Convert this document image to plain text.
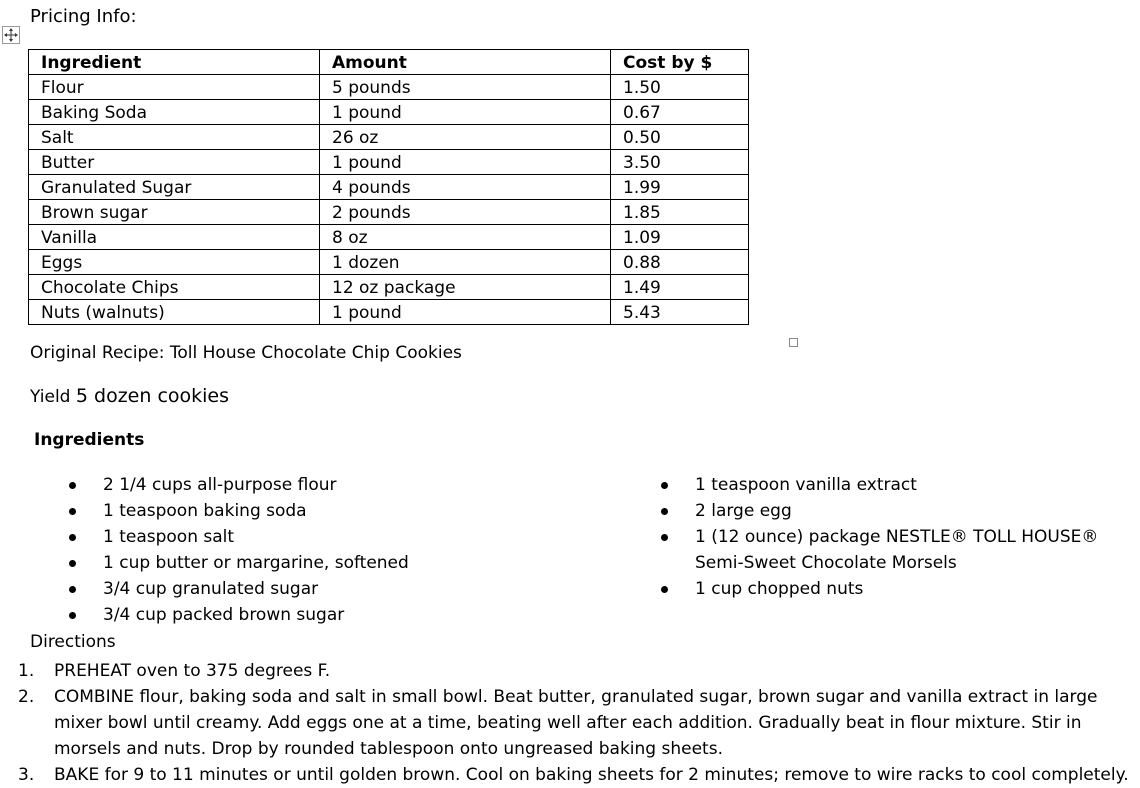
Pricing Info:
Ingredient	Amount	Cost by $
Flour	5 pounds	1.50
Baking Soda	1 pound	0.67
Salt	26 oz	0.50
Butter	1 pound	3.50
Granulated Sugar	4 pounds	1.99
Brown sugar	2 pounds	1.85
Vanilla	8 oz	1.09
Eggs	1 dozen	0.88
Chocolate Chips	12 oz package	1.49
Nuts (walnuts)	1 pound	5.43
Original Recipe: Toll House Chocolate Chip Cookies
Yield 5 dozen cookies
Ingredients
2 1/4 cups all-purpose flour
1 teaspoon baking soda
1 teaspoon salt
1 cup butter or margarine, softened
3/4 cup granulated sugar
3/4 cup packed brown sugar
1 teaspoon vanilla extract
2 large egg
1 (12 ounce) package NESTLE® TOLL HOUSE® Semi-Sweet Chocolate Morsels
1 cup chopped nuts
Directions
1. PREHEAT oven to 375 degrees F.
2. COMBINE flour, baking soda and salt in small bowl. Beat butter, granulated sugar, brown sugar and vanilla extract in large mixer bowl until creamy. Add eggs one at a time, beating well after each addition. Gradually beat in flour mixture. Stir in morsels and nuts. Drop by rounded tablespoon onto ungreased baking sheets.
3. BAKE for 9 to 11 minutes or until golden brown. Cool on baking sheets for 2 minutes; remove to wire racks to cool completely.
